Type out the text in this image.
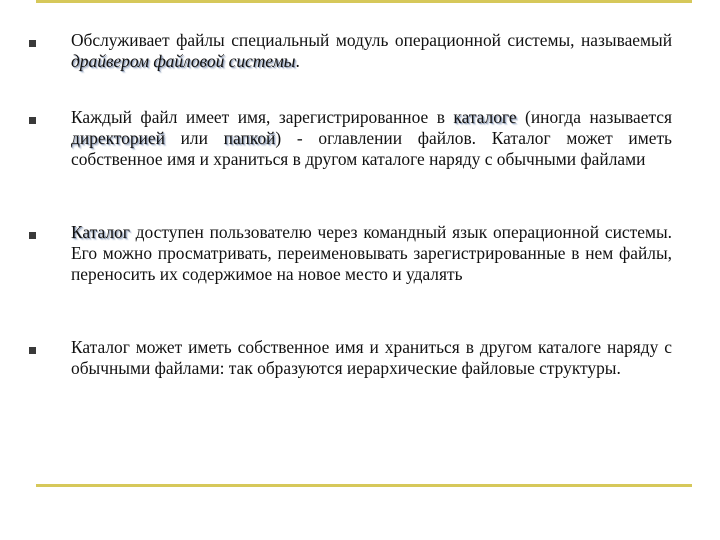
Обслуживает файлы специальный модуль операционной системы, называемый драйвером файловой системы.
Каждый файл имеет имя, зарегистрированное в каталоге (иногда называется директорией или папкой) - оглавлении файлов. Каталог может иметь собственное имя и храниться в другом каталоге наряду с обычными файлами
Каталог доступен пользователю через командный язык операционной системы. Его можно просматривать, переименовывать зарегистрированные в нем файлы, переносить их содержимое на новое место и удалять
Каталог может иметь собственное имя и храниться в другом каталоге наряду с обычными файлами: так образуются иерархические файловые структуры.
